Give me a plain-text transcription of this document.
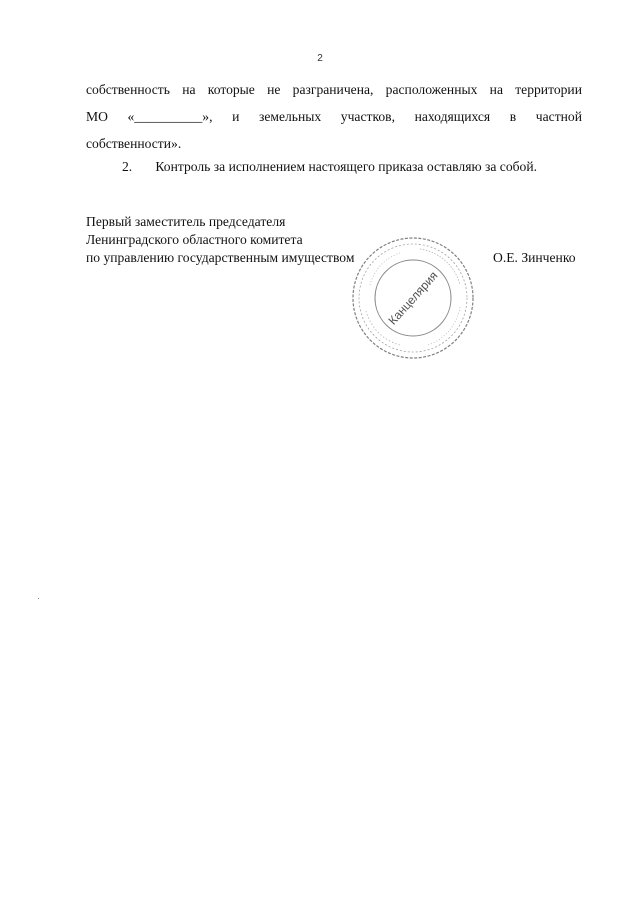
2
собственность на которые не разграничена, расположенных на территории
МО «__________», и земельных участков, находящихся в частной
собственности».
2. Контроль за исполнением настоящего приказа оставляю за собой.
Первый заместитель председателя
Ленинградского областного комитета
по управлению государственным имуществом	О.Е. Зинченко
Канцелярия
